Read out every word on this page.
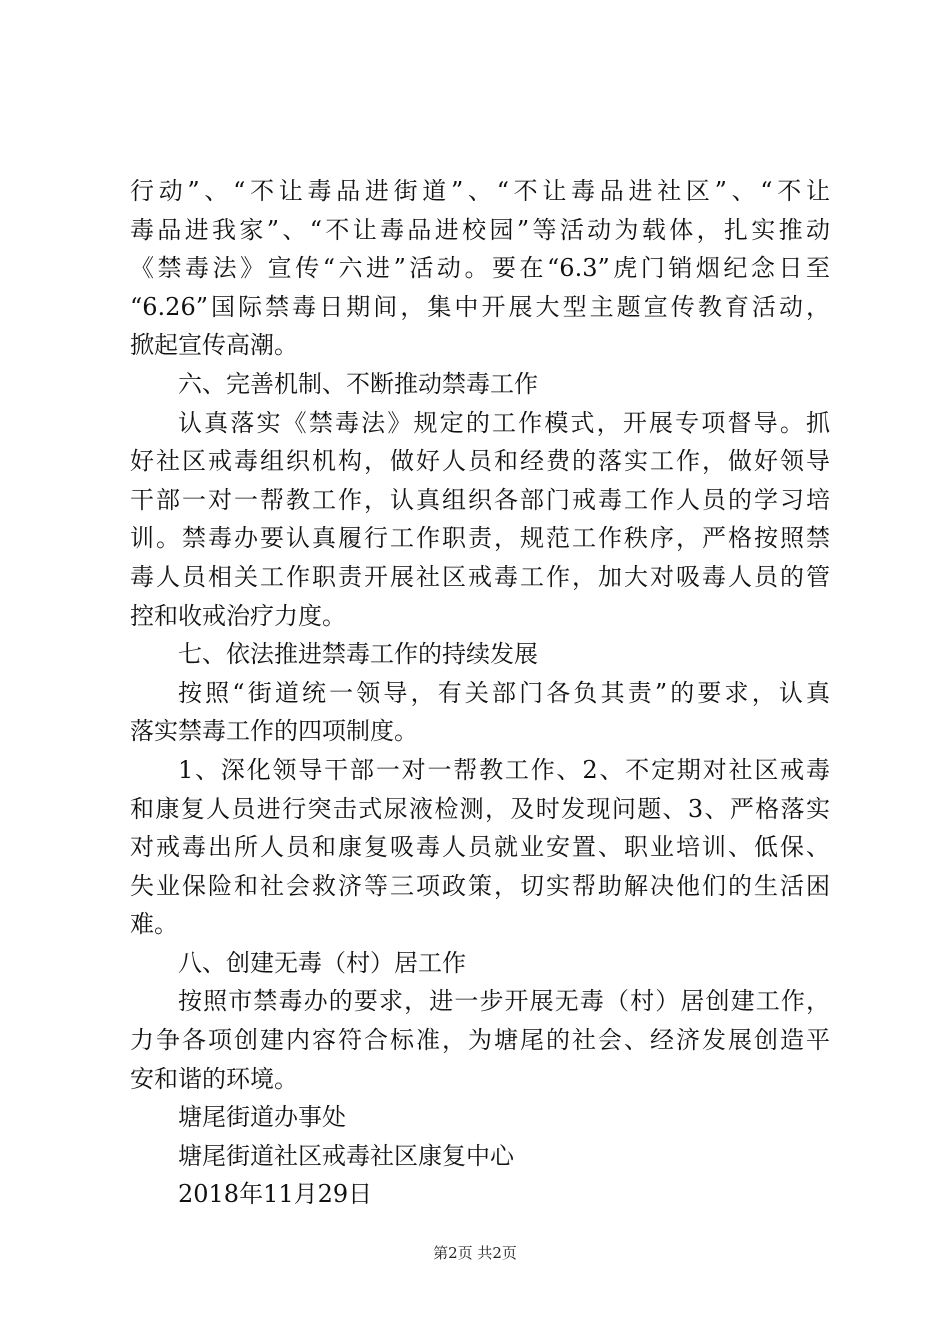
行动”、“不让毒品进街道”、“不让毒品进社区”、“不让
毒品进我家”、“不让毒品进校园”等活动为载体，扎实推动
《禁毒法》宣传“六进”活动。要在“6.3”虎门销烟纪念日至
“6.26”国际禁毒日期间，集中开展大型主题宣传教育活动，
掀起宣传高潮。
六、完善机制、不断推动禁毒工作
认真落实《禁毒法》规定的工作模式，开展专项督导。抓
好社区戒毒组织机构，做好人员和经费的落实工作，做好领导
干部一对一帮教工作，认真组织各部门戒毒工作人员的学习培
训。禁毒办要认真履行工作职责，规范工作秩序，严格按照禁
毒人员相关工作职责开展社区戒毒工作，加大对吸毒人员的管
控和收戒治疗力度。
七、依法推进禁毒工作的持续发展
按照“街道统一领导，有关部门各负其责”的要求，认真
落实禁毒工作的四项制度。
1、深化领导干部一对一帮教工作、2、不定期对社区戒毒
和康复人员进行突击式尿液检测，及时发现问题、3、严格落实
对戒毒出所人员和康复吸毒人员就业安置、职业培训、低保、
失业保险和社会救济等三项政策，切实帮助解决他们的生活困
难。
八、创建无毒（村）居工作
按照市禁毒办的要求，进一步开展无毒（村）居创建工作，
力争各项创建内容符合标准，为塘尾的社会、经济发展创造平
安和谐的环境。
塘尾街道办事处
塘尾街道社区戒毒社区康复中心
2018年11月29日
第2页 共2页
